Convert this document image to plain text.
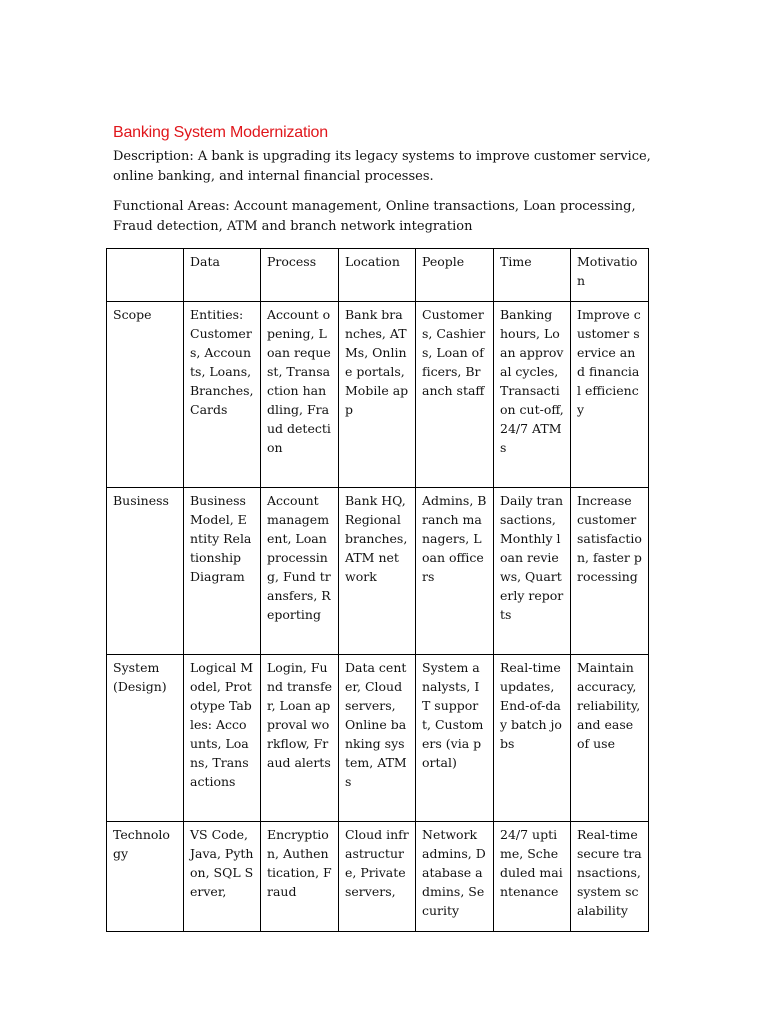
Banking System Modernization

Description: A bank is upgrading its legacy systems to improve customer service, online banking, and internal financial processes.

Functional Areas: Account management, Online transactions, Loan processing, Fraud detection, ATM and branch network integration

	Data	Process	Location	People	Time	Motivation
Scope	Entities: Customers, Accounts, Loans, Branches, Cards	Account opening, Loan request, Transaction handling, Fraud detection	Bank branches, ATMs, Online portals, Mobile app	Customers, Cashiers, Loan officers, Branch staff	Banking hours, Loan approval cycles, Transaction cut-off, 24/7 ATMs	Improve customer service and financial efficiency
Business	Business Model, Entity Relationship Diagram	Account management, Loan processing, Fund transfers, Reporting	Bank HQ, Regional branches, ATM network	Admins, Branch managers, Loan officers	Daily transactions, Monthly loan reviews, Quarterly reports	Increase customer satisfaction, faster processing
System (Design)	Logical Model, Prototype Tables: Accounts, Loans, Transactions	Login, Fund transfer, Loan approval workflow, Fraud alerts	Data center, Cloud servers, Online banking system, ATMs	System analysts, IT support, Customers (via portal)	Real-time updates, End-of-day batch jobs	Maintain accuracy, reliability, and ease of use
Technology	VS Code, Java, Python, SQL Server,	Encryption, Authentication, Fraud	Cloud infrastructure, Private servers,	Network admins, Database admins, Security	24/7 uptime, Scheduled maintenance	Real-time secure transactions, system scalability
